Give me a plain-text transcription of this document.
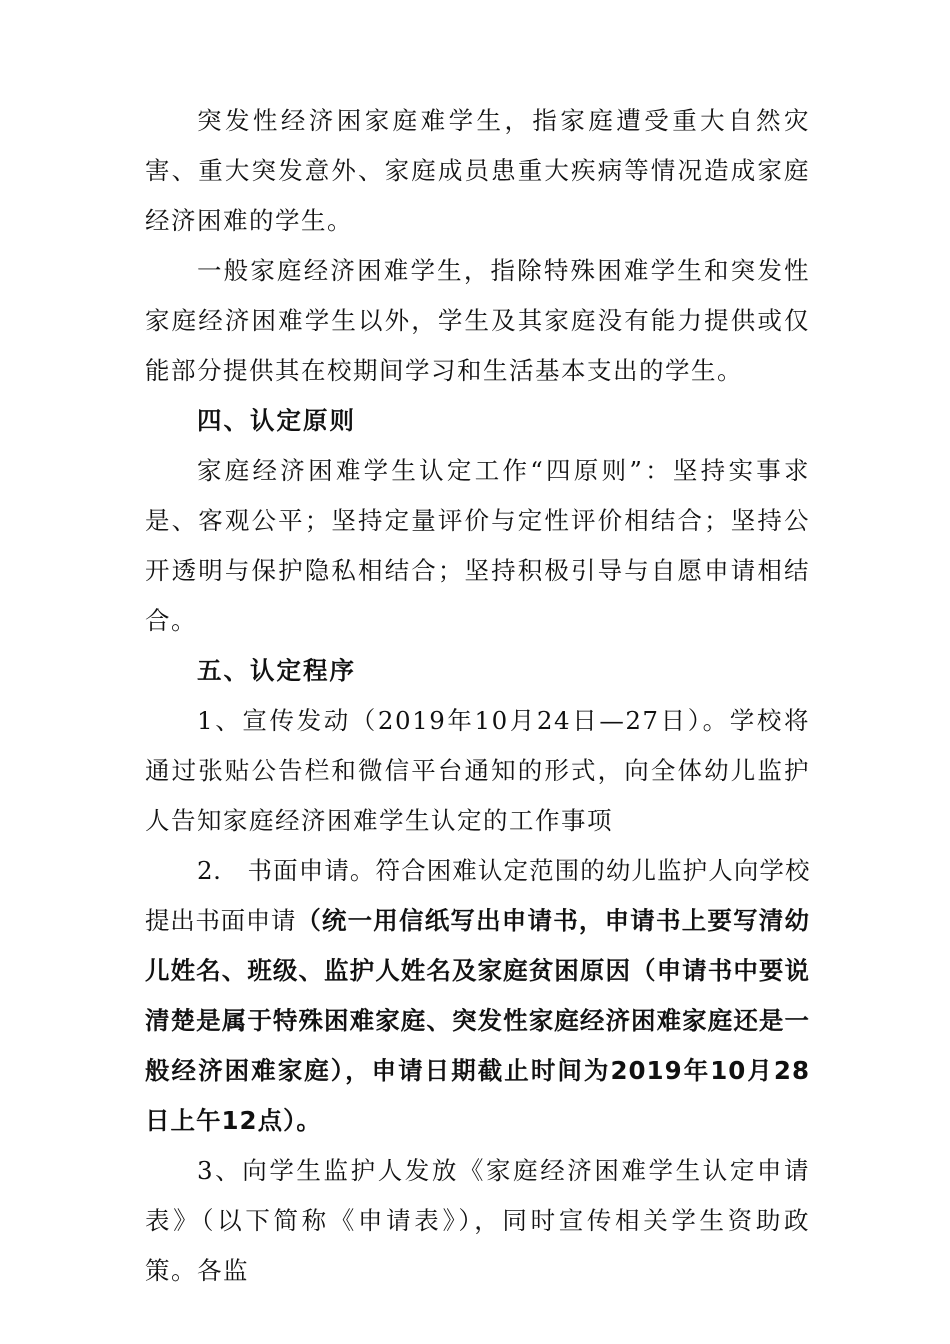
突发性经济困家庭难学生，指家庭遭受重大自然灾害、重大突发意外、家庭成员患重大疾病等情况造成家庭经济困难的学生。

一般家庭经济困难学生，指除特殊困难学生和突发性家庭经济困难学生以外，学生及其家庭没有能力提供或仅能部分提供其在校期间学习和生活基本支出的学生。

四、认定原则

家庭经济困难学生认定工作“四原则”：坚持实事求是、客观公平；坚持定量评价与定性评价相结合；坚持公开透明与保护隐私相结合；坚持积极引导与自愿申请相结合。

五、认定程序

1、宣传发动（2019年10月24日—27日）。学校将通过张贴公告栏和微信平台通知的形式，向全体幼儿监护人告知家庭经济困难学生认定的工作事项

2.　书面申请。符合困难认定范围的幼儿监护人向学校提出书面申请（统一用信纸写出申请书，申请书上要写清幼儿姓名、班级、监护人姓名及家庭贫困原因（申请书中要说清楚是属于特殊困难家庭、突发性家庭经济困难家庭还是一般经济困难家庭），申请日期截止时间为2019年10月28日上午12点）。

3、向学生监护人发放《家庭经济困难学生认定申请表》（以下简称《申请表》），同时宣传相关学生资助政策。各监
